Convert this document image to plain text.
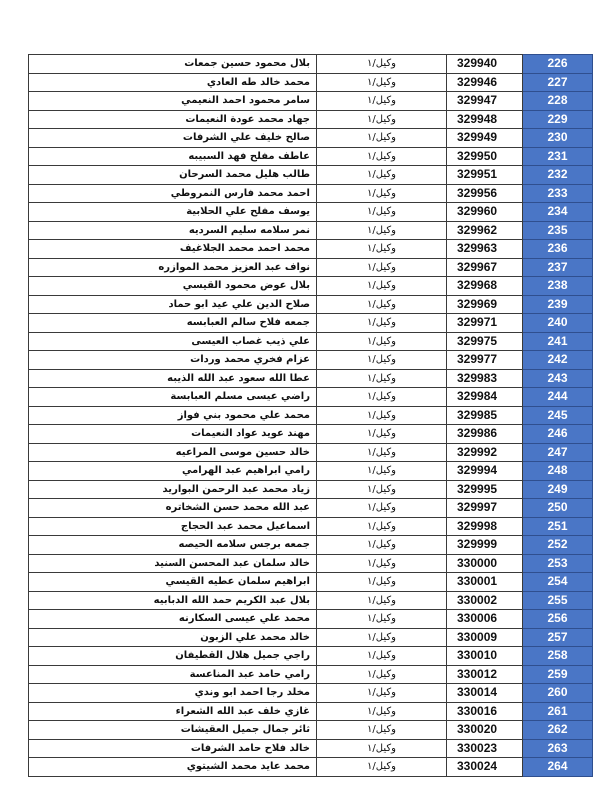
بلال محمود حسين جمعات	وكيل/١	329940	226
محمد خالد طه العادي	وكيل/١	329946	227
سامر محمود احمد النعيمي	وكيل/١	329947	228
جهاد محمد عودة النعيمات	وكيل/١	329948	229
صالح خليف علي الشرفات	وكيل/١	329949	230
عاطف مفلح فهد السبيبه	وكيل/١	329950	231
طالب هليل محمد السرحان	وكيل/١	329951	232
احمد محمد فارس النمروطي	وكيل/١	329956	233
يوسف مفلح علي الحلابية	وكيل/١	329960	234
نمر سلامه سليم السرديه	وكيل/١	329962	235
محمد احمد محمد الجلاغيف	وكيل/١	329963	236
نواف عبد العزيز محمد الموازره	وكيل/١	329967	237
بلال عوض محمود القيسي	وكيل/١	329968	238
صلاح الدين علي عيد ابو حماد	وكيل/١	329969	239
جمعه فلاح سالم العبابسه	وكيل/١	329971	240
علي ذيب غصاب العيسى	وكيل/١	329975	241
عزام فخري محمد وردات	وكيل/١	329977	242
عطا الله سعود عبد الله الذيبه	وكيل/١	329983	243
راضي عيسى مسلم العبابسة	وكيل/١	329984	244
محمد علي محمود بني فواز	وكيل/١	329985	245
مهند عويد عواد النعيمات	وكيل/١	329986	246
خالد حسين موسى المراعيه	وكيل/١	329992	247
رامي ابراهيم عبد الهرامي	وكيل/١	329994	248
زياد محمد عبد الرحمن البواريد	وكيل/١	329995	249
عبد الله محمد حسن الشخاتره	وكيل/١	329997	250
اسماعيل محمد عبد الحجاج	وكيل/١	329998	251
جمعه برجس سلامه الحيصه	وكيل/١	329999	252
خالد سلمان عبد المحسن السنيد	وكيل/١	330000	253
ابراهيم سلمان عطيه القيسي	وكيل/١	330001	254
بلال عبد الكريم حمد الله الدبابيه	وكيل/١	330002	255
محمد علي عيسى السكارنه	وكيل/١	330006	256
خالد محمد علي الزبون	وكيل/١	330009	257
راجي جميل هلال القطيفان	وكيل/١	330010	258
رامي حامد عبد المناعسة	وكيل/١	330012	259
مخلد رجا احمد ابو وندي	وكيل/١	330014	260
غازي خلف عبد الله الشعراء	وكيل/١	330016	261
ثائر جمال جميل العقيشات	وكيل/١	330020	262
خالد فلاح حامد الشرفات	وكيل/١	330023	263
محمد عايد محمد الشيتوي	وكيل/١	330024	264
